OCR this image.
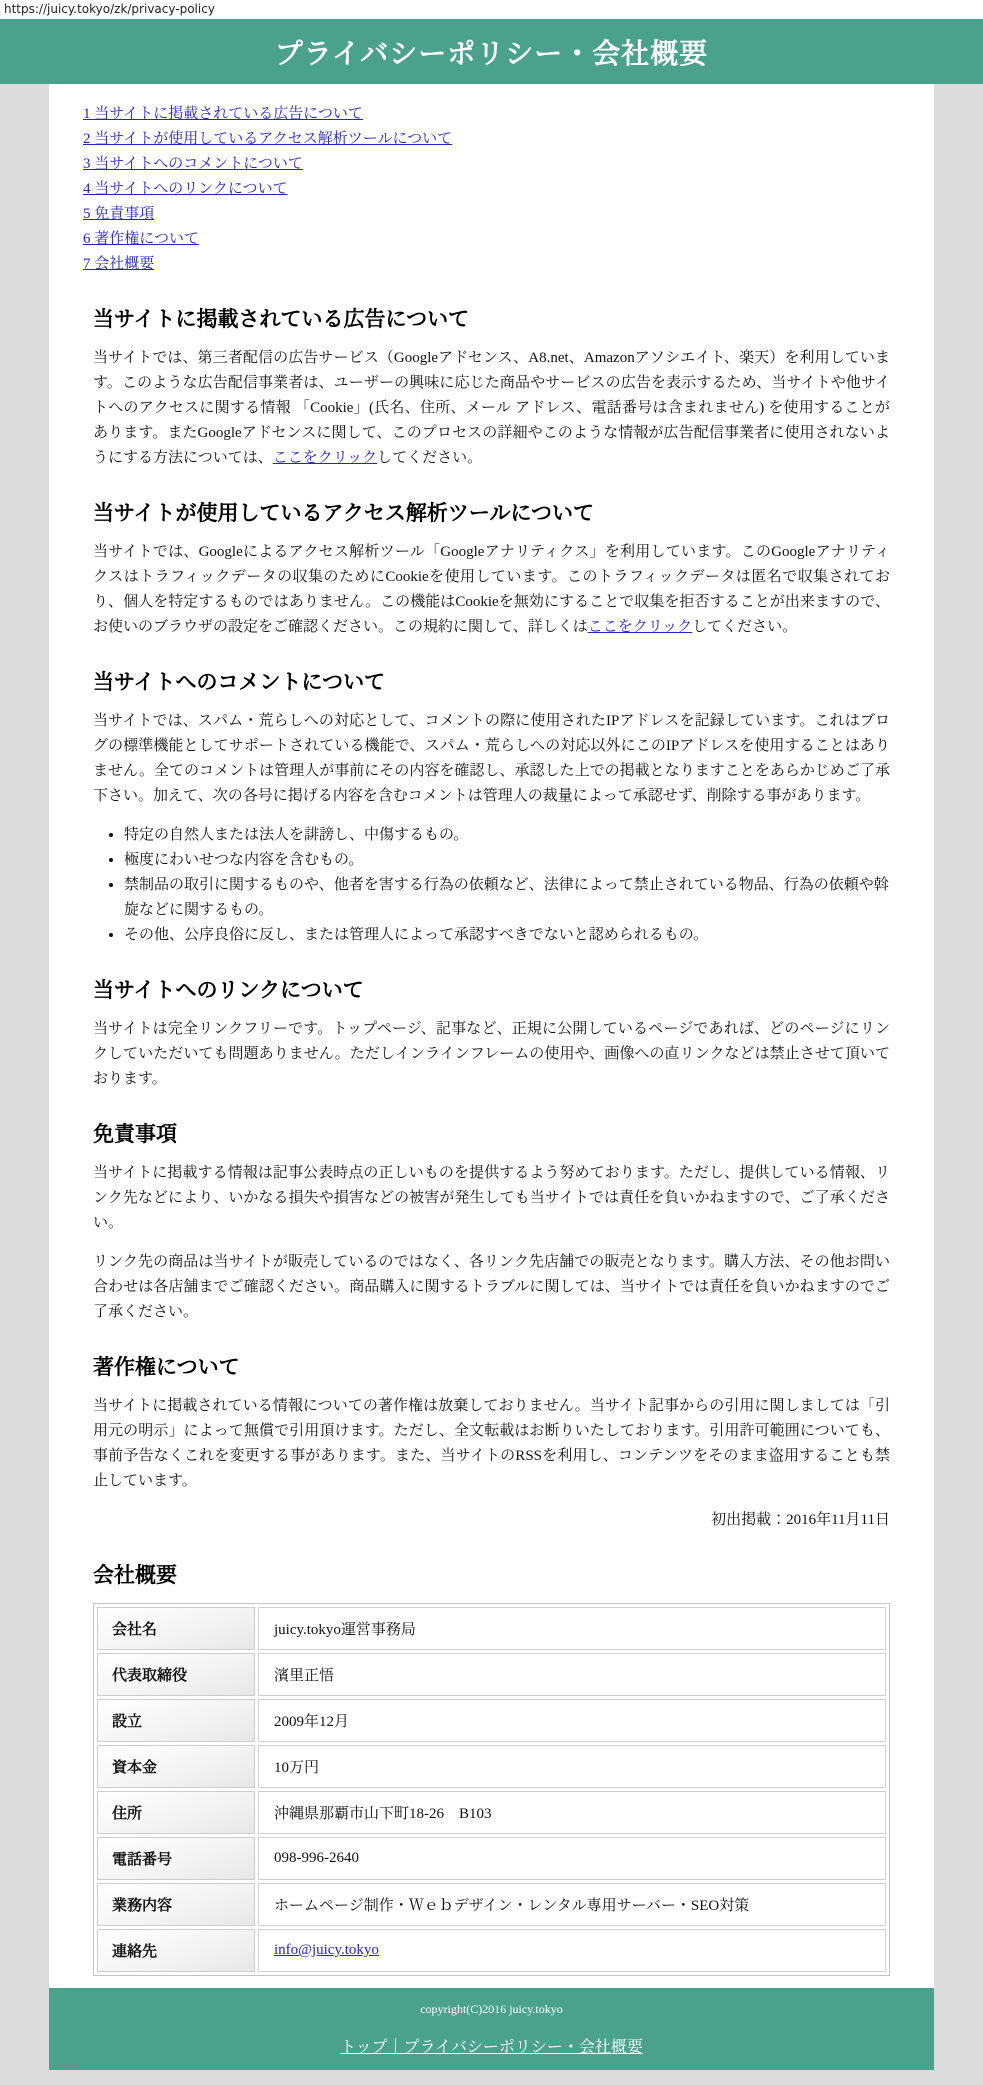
https://juicy.tokyo/zk/privacy-policy
プライバシーポリシー・会社概要
1 当サイトに掲載されている広告について
2 当サイトが使用しているアクセス解析ツールについて
3 当サイトへのコメントについて
4 当サイトへのリンクについて
5 免責事項
6 著作権について
7 会社概要
当サイトに掲載されている広告について

当サイトでは、第三者配信の広告サービス（Googleアドセンス、A8.net、Amazonアソシエイト、楽天）を利用しています。このような広告配信事業者は、ユーザーの興味に応じた商品やサービスの広告を表示するため、当サイトや他サイトへのアクセスに関する情報 「Cookie」(氏名、住所、メール アドレス、電話番号は含まれません) を使用することがあります。またGoogleアドセンスに関して、このプロセスの詳細やこのような情報が広告配信事業者に使用されないようにする方法については、ここをクリックしてください。

当サイトが使用しているアクセス解析ツールについて

当サイトでは、Googleによるアクセス解析ツール「Googleアナリティクス」を利用しています。このGoogleアナリティクスはトラフィックデータの収集のためにCookieを使用しています。このトラフィックデータは匿名で収集されており、個人を特定するものではありません。この機能はCookieを無効にすることで収集を拒否することが出来ますので、お使いのブラウザの設定をご確認ください。この規約に関して、詳しくはここをクリックしてください。

当サイトへのコメントについて

当サイトでは、スパム・荒らしへの対応として、コメントの際に使用されたIPアドレスを記録しています。これはブログの標準機能としてサポートされている機能で、スパム・荒らしへの対応以外にこのIPアドレスを使用することはありません。全てのコメントは管理人が事前にその内容を確認し、承認した上での掲載となりますことをあらかじめご了承下さい。加えて、次の各号に掲げる内容を含むコメントは管理人の裁量によって承認せず、削除する事があります。

• 特定の自然人または法人を誹謗し、中傷するもの。
• 極度にわいせつな内容を含むもの。
• 禁制品の取引に関するものや、他者を害する行為の依頼など、法律によって禁止されている物品、行為の依頼や斡旋などに関するもの。
• その他、公序良俗に反し、または管理人によって承認すべきでないと認められるもの。
当サイトへのリンクについて

当サイトは完全リンクフリーです。トップページ、記事など、正規に公開しているページであれば、どのページにリンクしていただいても問題ありません。ただしインラインフレームの使用や、画像への直リンクなどは禁止させて頂いております。

免責事項

当サイトに掲載する情報は記事公表時点の正しいものを提供するよう努めております。ただし、提供している情報、リンク先などにより、いかなる損失や損害などの被害が発生しても当サイトでは責任を負いかねますので、ご了承ください。

リンク先の商品は当サイトが販売しているのではなく、各リンク先店舗での販売となります。購入方法、その他お問い合わせは各店舗までご確認ください。商品購入に関するトラブルに関しては、当サイトでは責任を負いかねますのでご了承ください。

著作権について

当サイトに掲載されている情報についての著作権は放棄しておりません。当サイト記事からの引用に関しましては「引用元の明示」によって無償で引用頂けます。ただし、全文転載はお断りいたしております。引用許可範囲についても、事前予告なくこれを変更する事があります。また、当サイトのRSSを利用し、コンテンツをそのまま盗用することも禁止しています。

初出掲載：2016年11月11日
会社概要
会社名	juicy.tokyo運営事務局
代表取締役	濱里正悟
設立	2009年12月
資本金	10万円
住所	沖縄県那覇市山下町18-26　B103
電話番号	098-996-2640
業務内容	ホームページ制作・Ｗｅｂデザイン・レンタル専用サーバー・SEO対策
連絡先	info@juicy.tokyo
copyright(C)2016 juicy.tokyo
トップ｜プライバシーポリシー・会社概要
